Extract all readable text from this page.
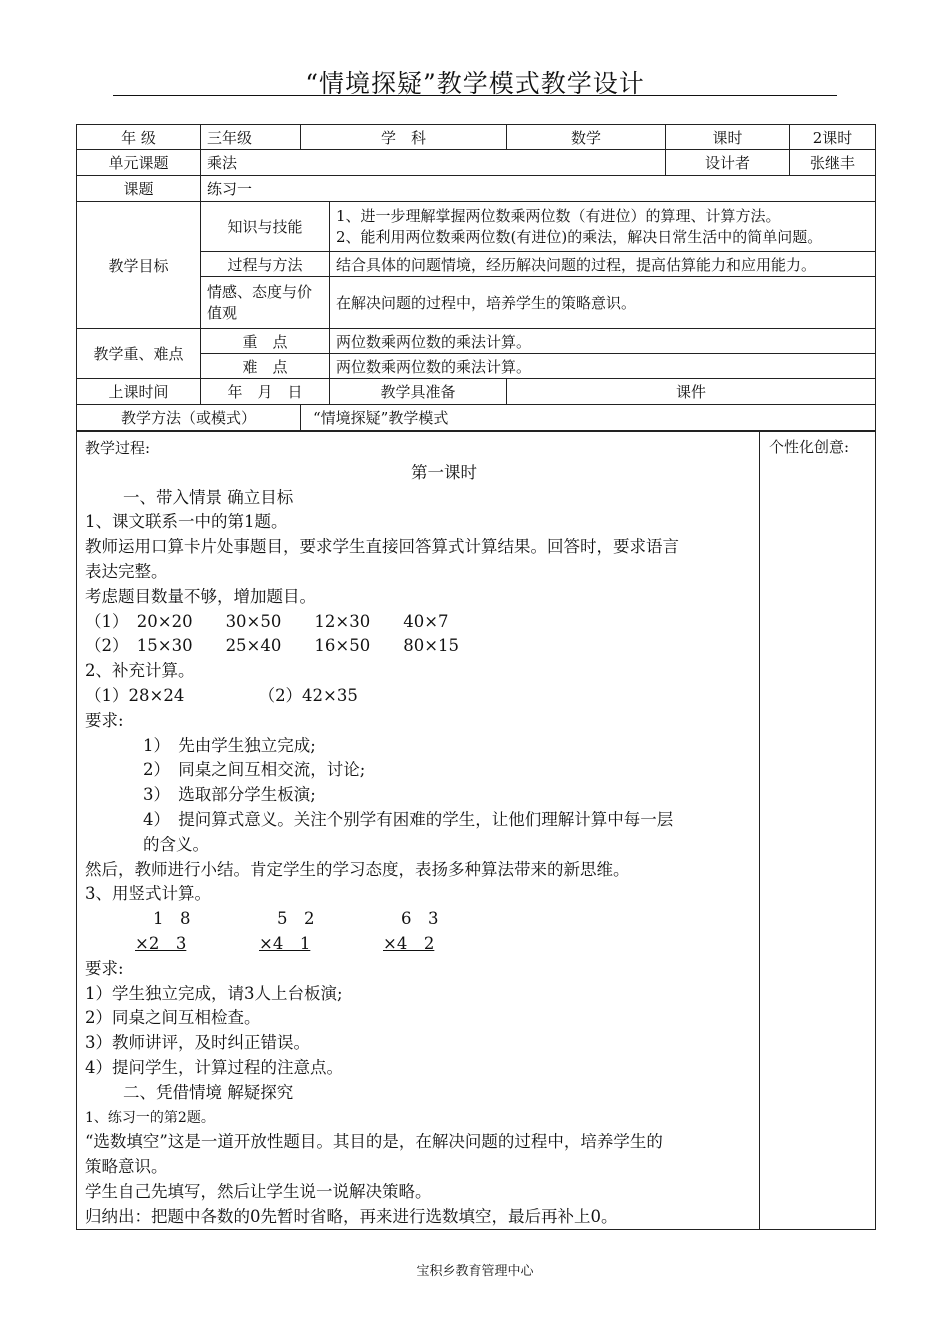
“情境探疑”教学模式教学设计
年 级	三年级	学　科		数学	课时	2课时
单元课题	乘法				设计者	张继丰
课题	练习一					
教学目标	知识与技能		1、进一步理解掌握两位数乘两位数（有进位）的算理、计算方法。
2、能利用两位数乘两位数(有进位)的乘法，解决日常生活中的简单问题。			

	过程与方法		结合具体的问题情境，经历解决问题的过程，提高估算能力和应用能力。			
	情感、态度与价值观		在解决问题的过程中，培养学生的策略意识。			
教学重、难点	重　点		两位数乘两位数的乘法计算。			
	难　点		两位数乘两位数的乘法计算。			
上课时间	年　月　日		教学具准备	课件		
教学方法（或模式）		“情境探疑”教学模式				
个性化创意:
教学过程:
第一课时
一、带入情景 确立目标
1、课文联系一中的第1题。
教师运用口算卡片处事题目，要求学生直接回答算式计算结果。回答时，要求语言
表达完整。
考虑题目数量不够，增加题目。
（1）　20×20　　30×50　　12×30　　40×7
（2）　15×30　　25×40　　16×50　　80×15
2、补充计算。
（1）28×24　　　　　（2）42×35
要求:
1）　先由学生独立完成;
2）　同桌之间互相交流，讨论;
3）　选取部分学生板演;
4）　提问算式意义。关注个别学有困难的学生，让他们理解计算中每一层
的含义。
然后，教师进行小结。肯定学生的学习态度，表扬多种算法带来的新思维。
3、用竖式计算。
1　8	5　2	6　3
×2　3	×4　1	×4　2
要求:
1）学生独立完成，请3人上台板演;
2）同桌之间互相检查。
3）教师讲评，及时纠正错误。
4）提问学生，计算过程的注意点。
二、凭借情境 解疑探究
1、练习一的第2题。
“选数填空”这是一道开放性题目。其目的是，在解决问题的过程中，培养学生的
策略意识。
学生自己先填写，然后让学生说一说解决策略。
归纳出：把题中各数的0先暂时省略，再来进行选数填空，最后再补上0。
宝积乡教育管理中心
